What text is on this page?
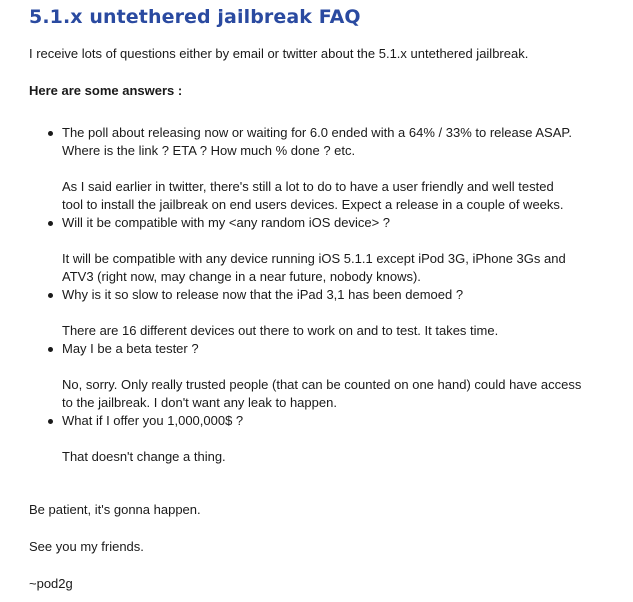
5.1.x untethered jailbreak FAQ

I receive lots of questions either by email or twitter about the 5.1.x untethered jailbreak.

Here are some answers :

The poll about releasing now or waiting for 6.0 ended with a 64% / 33% to release ASAP.
Where is the link ? ETA ? How much % done ? etc.

As I said earlier in twitter, there's still a lot to do to have a user friendly and well tested
tool to install the jailbreak on end users devices. Expect a release in a couple of weeks.

Will it be compatible with my <any random iOS device> ?

It will be compatible with any device running iOS 5.1.1 except iPod 3G, iPhone 3Gs and
ATV3 (right now, may change in a near future, nobody knows).

Why is it so slow to release now that the iPad 3,1 has been demoed ?

There are 16 different devices out there to work on and to test. It takes time.

May I be a beta tester ?

No, sorry. Only really trusted people (that can be counted on one hand) could have access
to the jailbreak. I don't want any leak to happen.

What if I offer you 1,000,000$ ?

That doesn't change a thing.

Be patient, it's gonna happen.

See you my friends.

~pod2g
